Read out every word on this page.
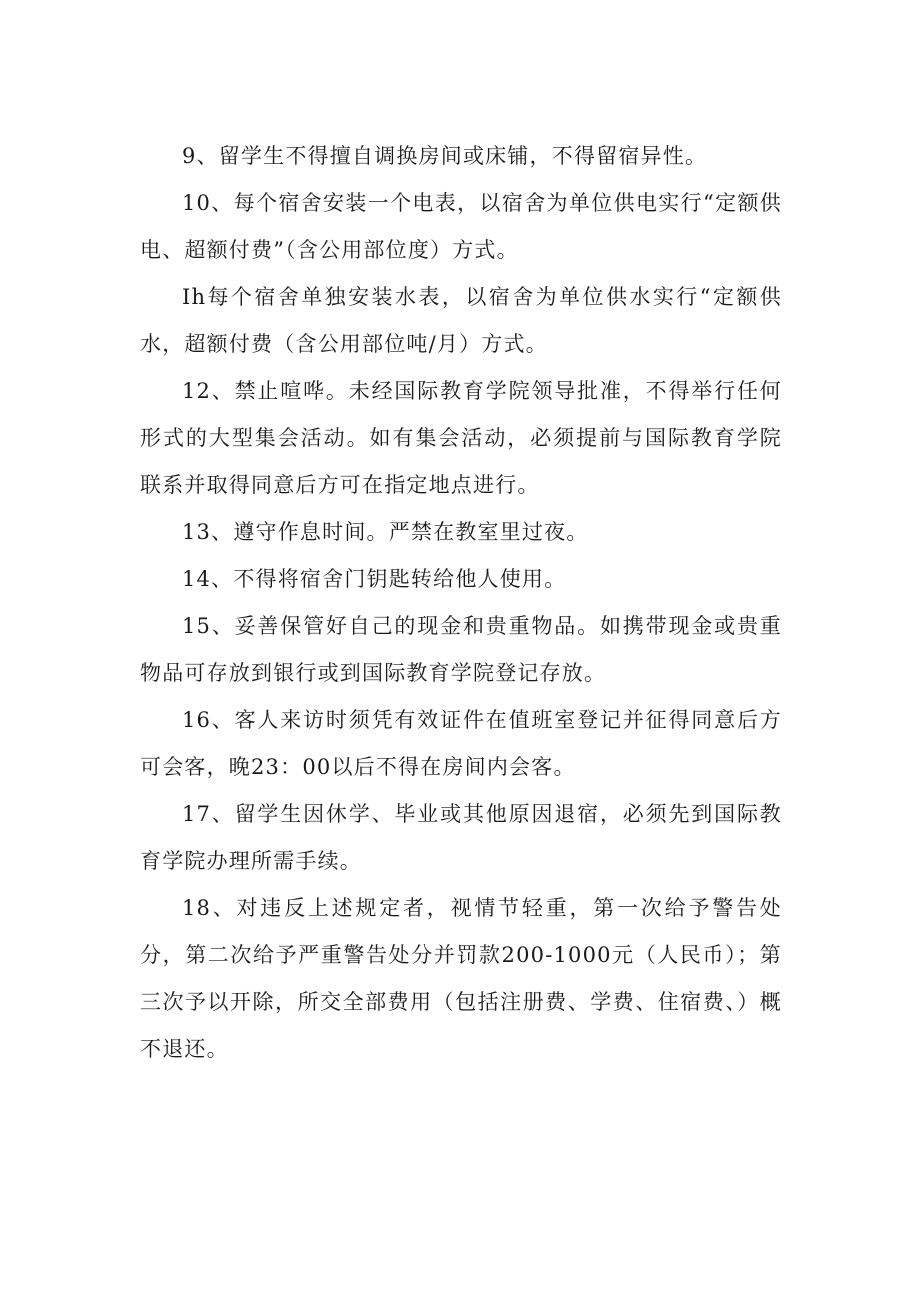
9、留学生不得擅自调换房间或床铺，不得留宿异性。

10、每个宿舍安装一个电表，以宿舍为单位供电实行“定额供电、超额付费”（含公用部位度）方式。

Ih每个宿舍单独安装水表，以宿舍为单位供水实行“定额供水，超额付费（含公用部位吨/月）方式。

12、禁止喧哗。未经国际教育学院领导批准，不得举行任何形式的大型集会活动。如有集会活动，必须提前与国际教育学院联系并取得同意后方可在指定地点进行。

13、遵守作息时间。严禁在教室里过夜。

14、不得将宿舍门钥匙转给他人使用。

15、妥善保管好自己的现金和贵重物品。如携带现金或贵重物品可存放到银行或到国际教育学院登记存放。

16、客人来访时须凭有效证件在值班室登记并征得同意后方可会客，晚23：00以后不得在房间内会客。

17、留学生因休学、毕业或其他原因退宿，必须先到国际教育学院办理所需手续。

18、对违反上述规定者，视情节轻重，第一次给予警告处分，第二次给予严重警告处分并罚款200-1000元（人民币）；第三次予以开除，所交全部费用（包括注册费、学费、住宿费、）概不退还。
